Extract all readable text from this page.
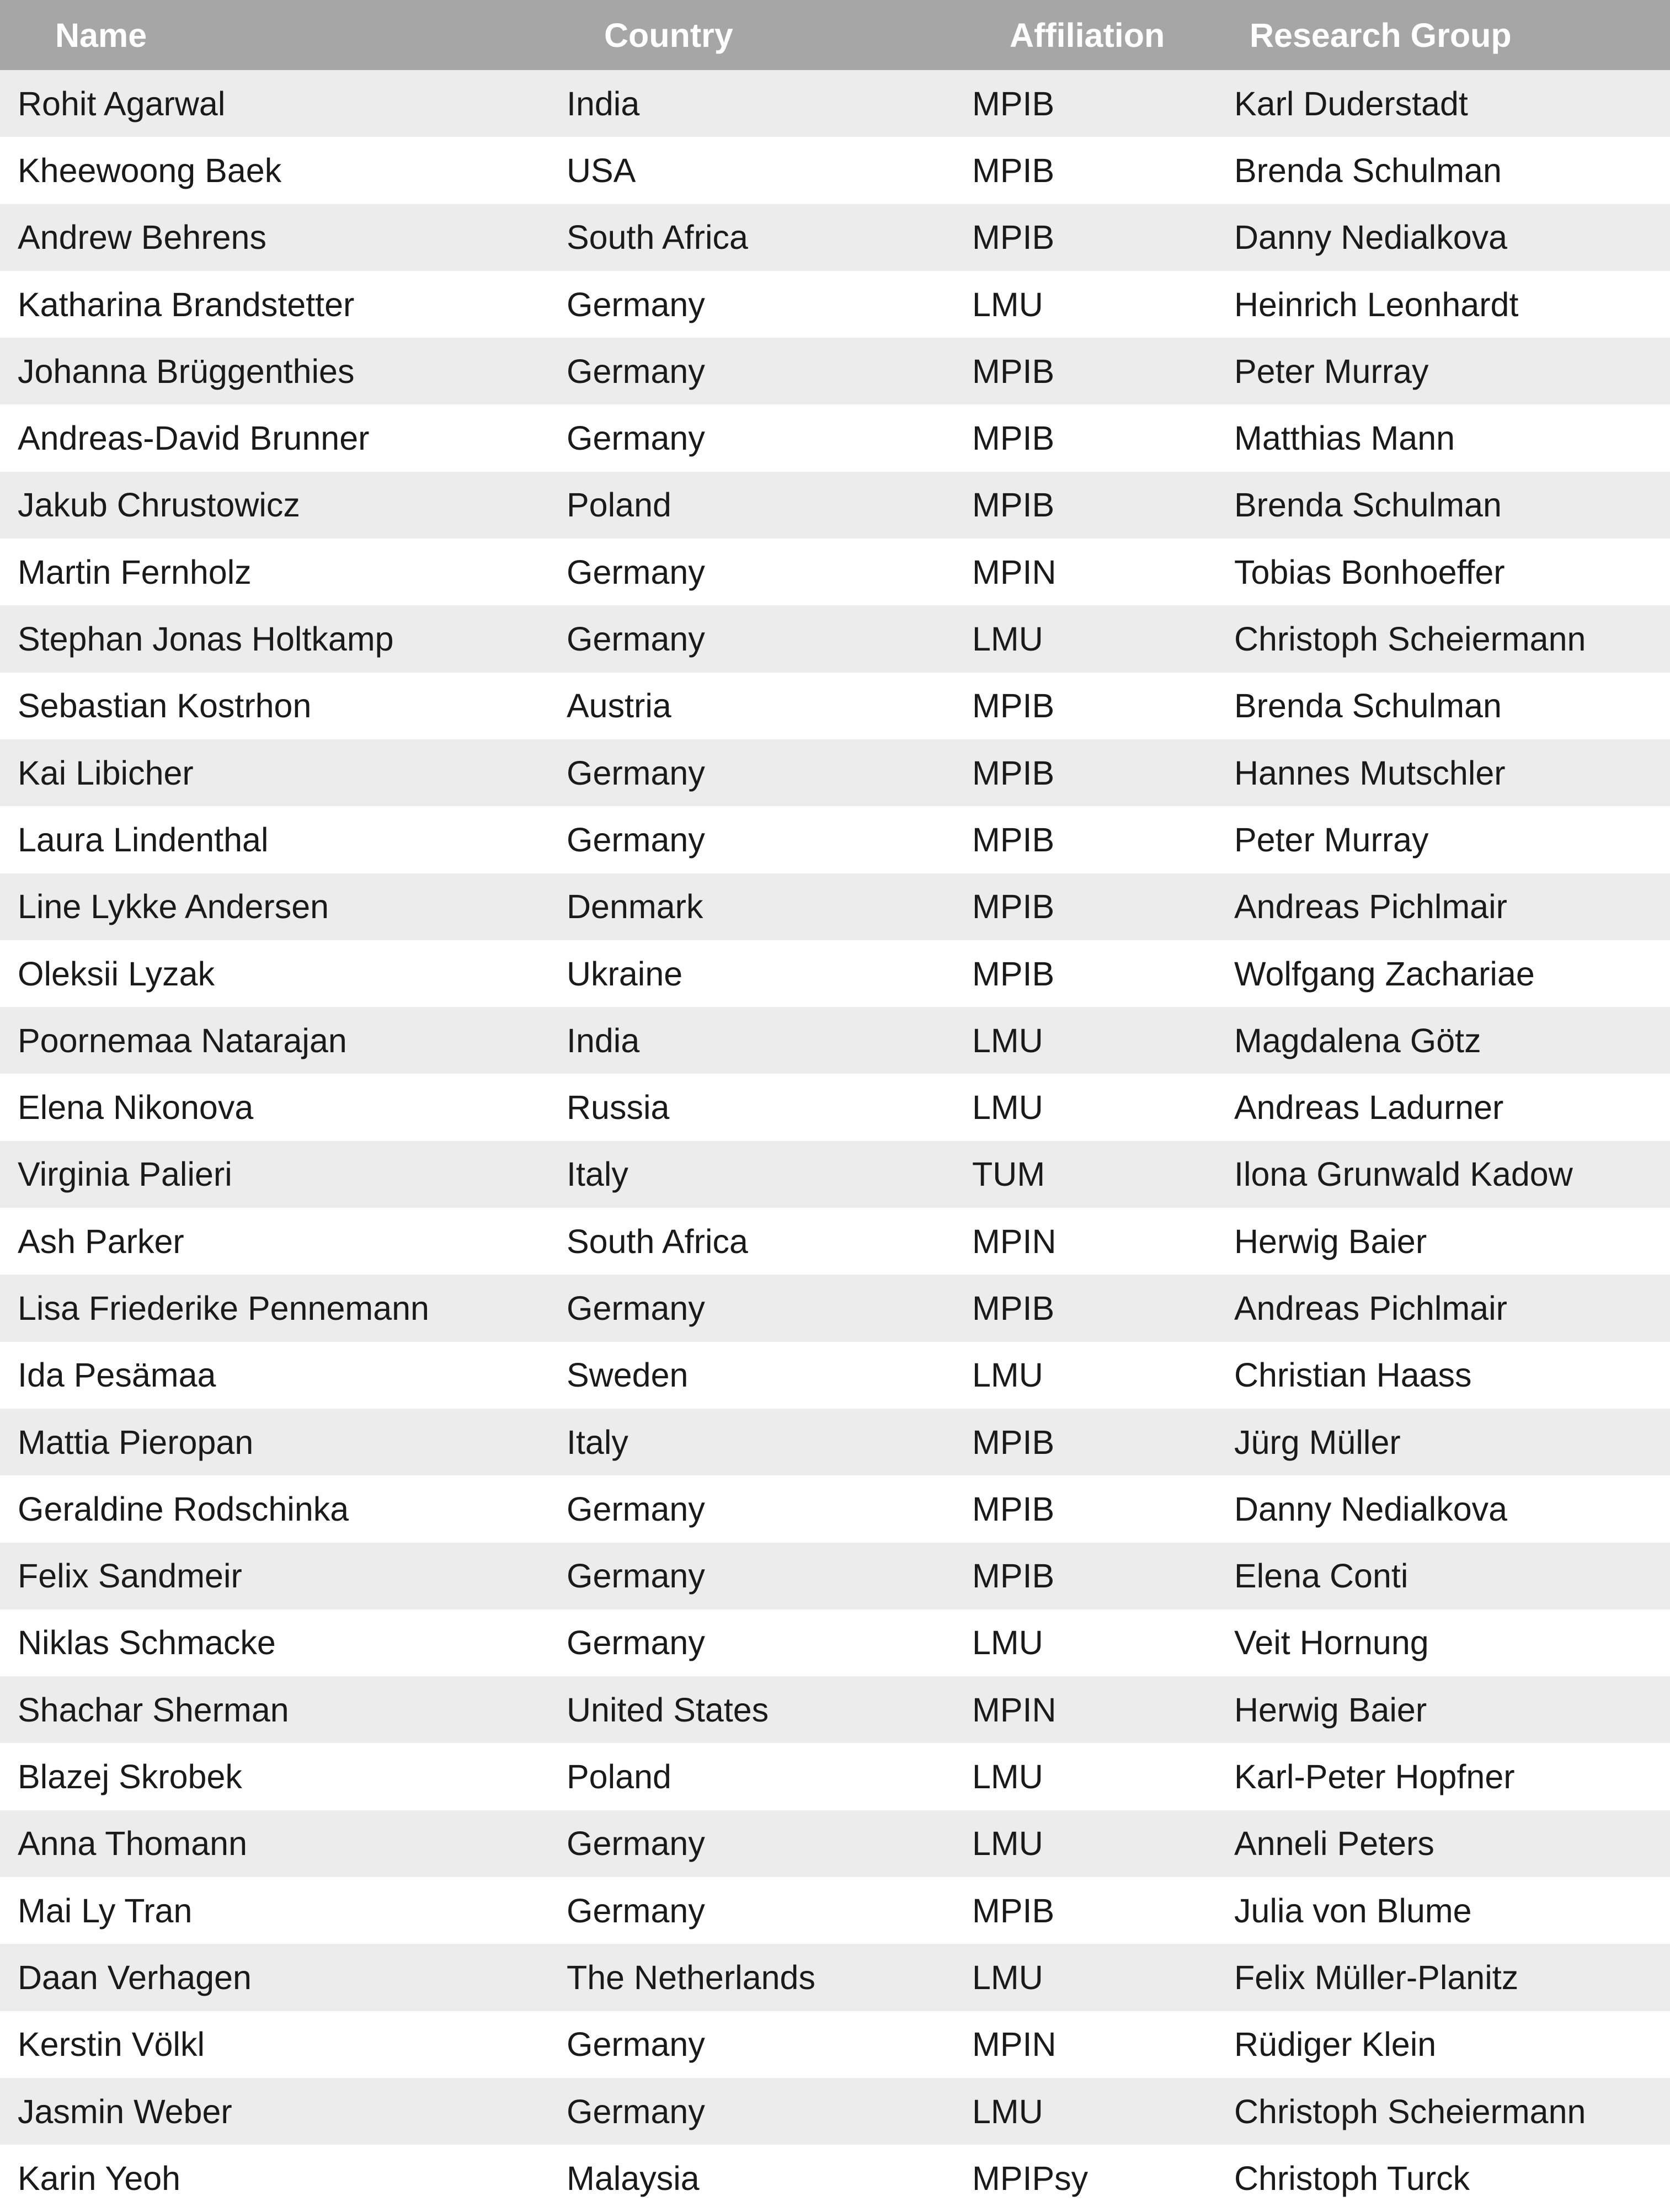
Name	Country	Affiliation	Research Group
Rohit Agarwal	India	MPIB	Karl Duderstadt
Kheewoong Baek	USA	MPIB	Brenda Schulman
Andrew Behrens	South Africa	MPIB	Danny Nedialkova
Katharina Brandstetter	Germany	LMU	Heinrich Leonhardt
Johanna Brüggenthies	Germany	MPIB	Peter Murray
Andreas-David Brunner	Germany	MPIB	Matthias Mann
Jakub Chrustowicz	Poland	MPIB	Brenda Schulman
Martin Fernholz	Germany	MPIN	Tobias Bonhoeffer
Stephan Jonas Holtkamp	Germany	LMU	Christoph Scheiermann
Sebastian Kostrhon	Austria	MPIB	Brenda Schulman
Kai Libicher	Germany	MPIB	Hannes Mutschler
Laura Lindenthal	Germany	MPIB	Peter Murray
Line Lykke Andersen	Denmark	MPIB	Andreas Pichlmair
Oleksii Lyzak	Ukraine	MPIB	Wolfgang Zachariae
Poornemaa Natarajan	India	LMU	Magdalena Götz
Elena Nikonova	Russia	LMU	Andreas Ladurner
Virginia Palieri	Italy	TUM	Ilona Grunwald Kadow
Ash Parker	South Africa	MPIN	Herwig Baier
Lisa Friederike Pennemann	Germany	MPIB	Andreas Pichlmair
Ida Pesämaa	Sweden	LMU	Christian Haass
Mattia Pieropan	Italy	MPIB	Jürg Müller
Geraldine Rodschinka	Germany	MPIB	Danny Nedialkova
Felix Sandmeir	Germany	MPIB	Elena Conti
Niklas Schmacke	Germany	LMU	Veit Hornung
Shachar Sherman	United States	MPIN	Herwig Baier
Blazej Skrobek	Poland	LMU	Karl-Peter Hopfner
Anna Thomann	Germany	LMU	Anneli Peters
Mai Ly Tran	Germany	MPIB	Julia von Blume
Daan Verhagen	The Netherlands	LMU	Felix Müller-Planitz
Kerstin Völkl	Germany	MPIN	Rüdiger Klein
Jasmin Weber	Germany	LMU	Christoph Scheiermann
Karin Yeoh	Malaysia	MPIPsy	Christoph Turck
